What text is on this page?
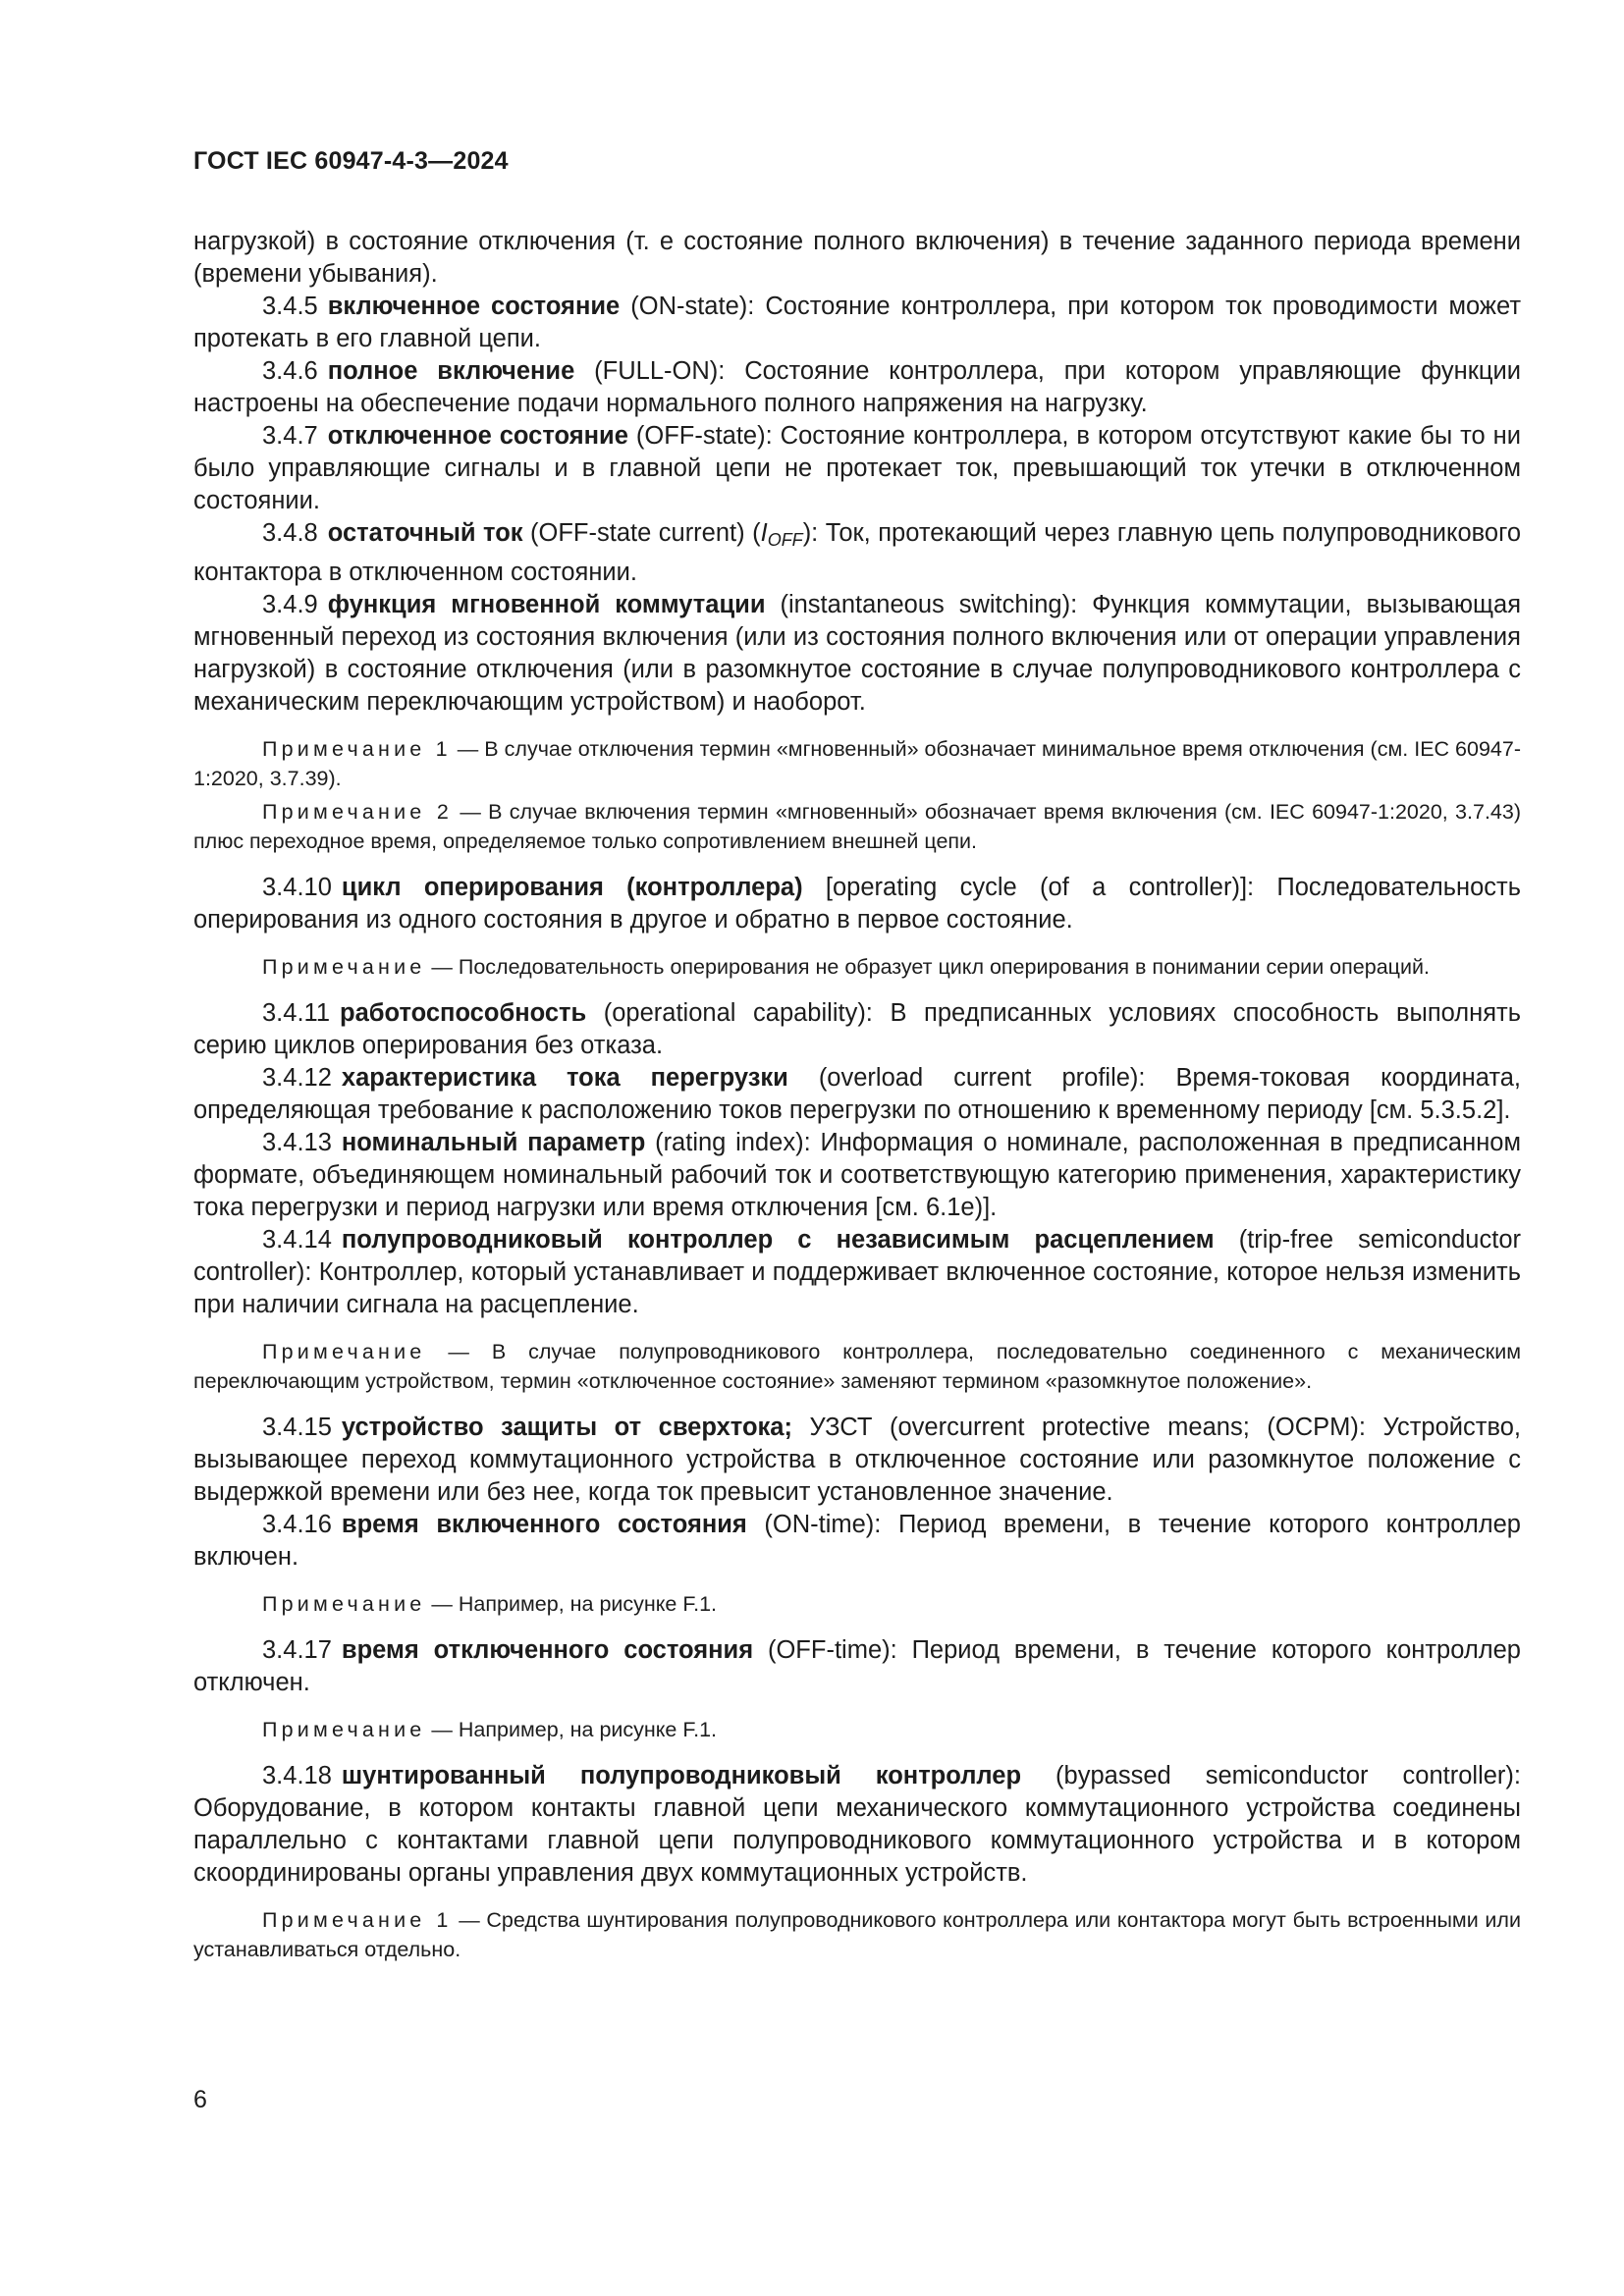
ГОСТ IEC 60947-4-3—2024

нагрузкой) в состояние отключения (т. е состояние полного включения) в течение заданного периода времени (времени убывания).

3.4.5 включенное состояние (ON-state): Состояние контроллера, при котором ток проводимости может протекать в его главной цепи.

3.4.6 полное включение (FULL-ON): Состояние контроллера, при котором управляющие функции настроены на обеспечение подачи нормального полного напряжения на нагрузку.

3.4.7 отключенное состояние (OFF-state): Состояние контроллера, в котором отсутствуют какие бы то ни было управляющие сигналы и в главной цепи не протекает ток, превышающий ток утечки в отключенном состоянии.

3.4.8 остаточный ток (OFF-state current) $(I_{OFF})$: Ток, протекающий через главную цепь полупроводникового контактора в отключенном состоянии.

3.4.9 функция мгновенной коммутации (instantaneous switching): Функция коммутации, вызывающая мгновенный переход из состояния включения (или из состояния полного включения или от операции управления нагрузкой) в состояние отключения (или в разомкнутое состояние в случае полупроводникового контроллера с механическим переключающим устройством) и наоборот.

Примечание 1 — В случае отключения термин «мгновенный» обозначает минимальное время отключения (см. IEC 60947-1:2020, 3.7.39).

Примечание 2 — В случае включения термин «мгновенный» обозначает время включения (см. IEC 60947-1:2020, 3.7.43) плюс переходное время, определяемое только сопротивлением внешней цепи.

3.4.10 цикл оперирования (контроллера) [operating cycle (of a controller)]: Последовательность оперирования из одного состояния в другое и обратно в первое состояние.

Примечание — Последовательность оперирования не образует цикл оперирования в понимании серии операций.

3.4.11 работоспособность (operational capability): В предписанных условиях способность выполнять серию циклов оперирования без отказа.

3.4.12 характеристика тока перегрузки (overload current profile): Время-токовая координата, определяющая требование к расположению токов перегрузки по отношению к временному периоду [см. 5.3.5.2].

3.4.13 номинальный параметр (rating index): Информация о номинале, расположенная в предписанном формате, объединяющем номинальный рабочий ток и соответствующую категорию применения, характеристику тока перегрузки и период нагрузки или время отключения [см. 6.1е)].

3.4.14 полупроводниковый контроллер с независимым расцеплением (trip-free semiconductor controller): Контроллер, который устанавливает и поддерживает включенное состояние, которое нельзя изменить при наличии сигнала на расцепление.

Примечание — В случае полупроводникового контроллера, последовательно соединенного с механическим переключающим устройством, термин «отключенное состояние» заменяют термином «разомкнутое положение».

3.4.15 устройство защиты от сверхтока; УЗСТ (overcurrent protective means; (OCPM): Устройство, вызывающее переход коммутационного устройства в отключенное состояние или разомкнутое положение с выдержкой времени или без нее, когда ток превысит установленное значение.

3.4.16 время включенного состояния (ON-time): Период времени, в течение которого контроллер включен.

Примечание — Например, на рисунке F.1.

3.4.17 время отключенного состояния (OFF-time): Период времени, в течение которого контроллер отключен.

Примечание — Например, на рисунке F.1.

3.4.18 шунтированный полупроводниковый контроллер (bypassed semiconductor controller): Оборудование, в котором контакты главной цепи механического коммутационного устройства соединены параллельно с контактами главной цепи полупроводникового коммутационного устройства и в котором скоординированы органы управления двух коммутационных устройств.

Примечание 1 — Средства шунтирования полупроводникового контроллера или контактора могут быть встроенными или устанавливаться отдельно.

6
